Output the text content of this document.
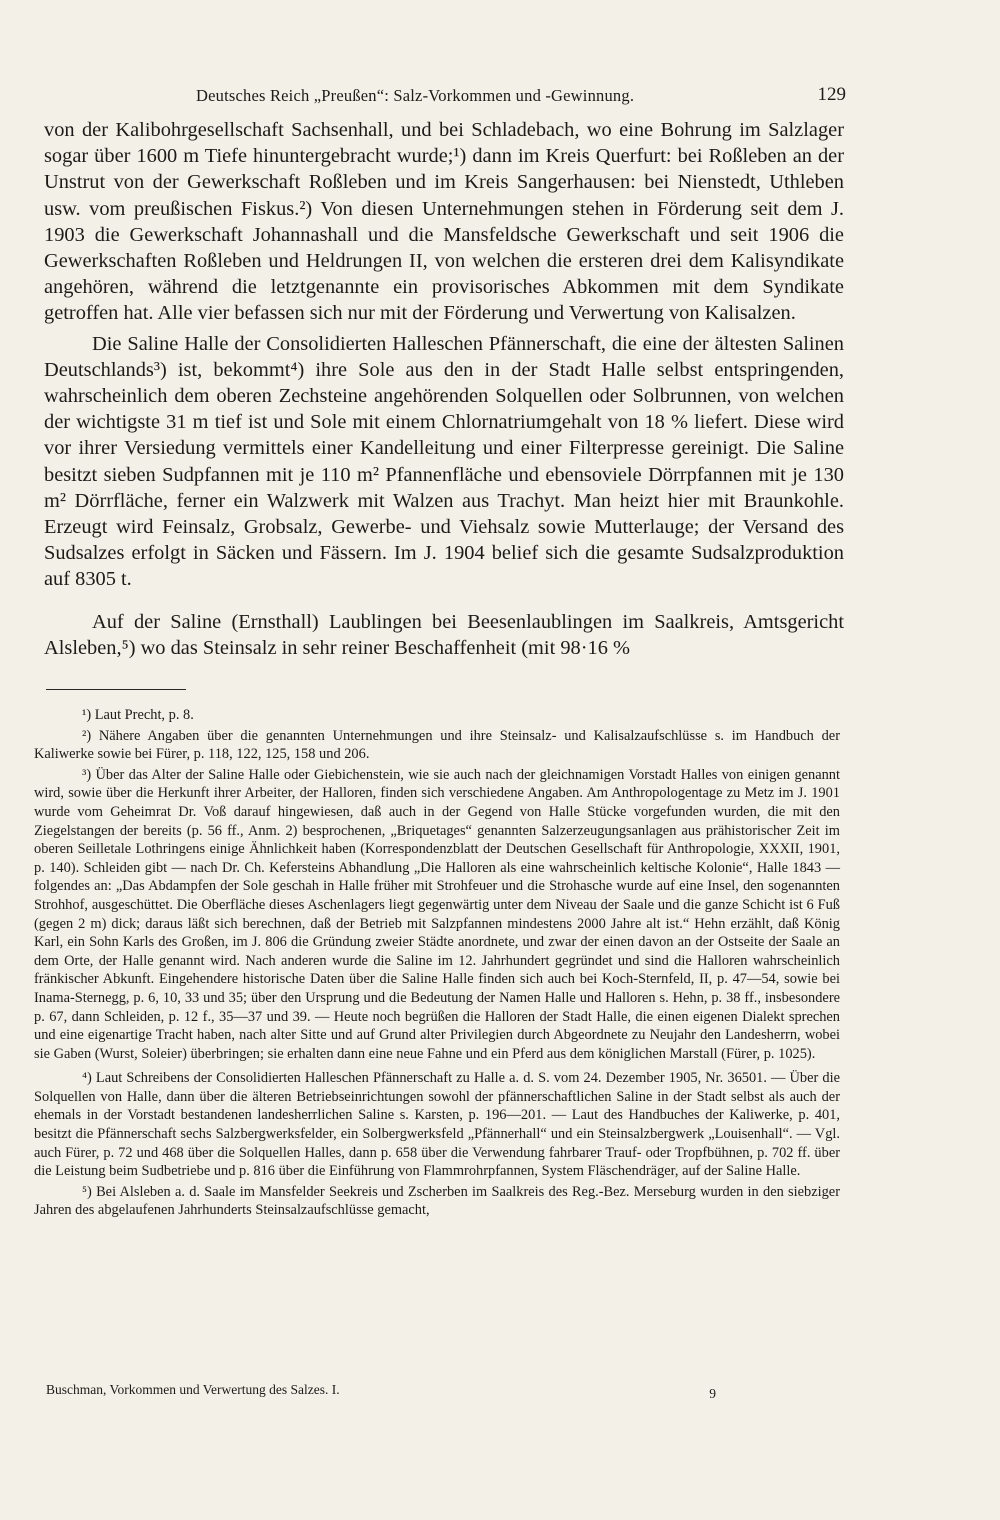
Deutsches Reich „Preußen“: Salz-Vorkommen und -Gewinnung.	129

von der Kalibohrgesellschaft Sachsenhall, und bei Schladebach, wo eine Bohrung im Salzlager sogar über 1600 m Tiefe hinuntergebracht wurde;¹) dann im Kreis Querfurt: bei Roßleben an der Unstrut von der Gewerkschaft Roßleben und im Kreis Sangerhausen: bei Nienstedt, Uthleben usw. vom preußischen Fiskus.²) Von diesen Unternehmungen stehen in Förderung seit dem J. 1903 die Gewerkschaft Johannashall und die Mansfeldsche Gewerkschaft und seit 1906 die Gewerkschaften Roßleben und Heldrungen II, von welchen die ersteren drei dem Kalisyndikate angehören, während die letztgenannte ein provisorisches Abkommen mit dem Syndikate getroffen hat. Alle vier befassen sich nur mit der Förderung und Verwertung von Kalisalzen.

Die Saline Halle der Consolidierten Halleschen Pfännerschaft, die eine der ältesten Salinen Deutschlands³) ist, bekommt⁴) ihre Sole aus den in der Stadt Halle selbst entspringenden, wahrscheinlich dem oberen Zechsteine angehörenden Solquellen oder Solbrunnen, von welchen der wichtigste 31 m tief ist und Sole mit einem Chlornatriumgehalt von 18 % liefert. Diese wird vor ihrer Versiedung vermittels einer Kandelleitung und einer Filterpresse gereinigt. Die Saline besitzt sieben Sudpfannen mit je 110 m² Pfannenfläche und ebensoviele Dörrpfannen mit je 130 m² Dörrfläche, ferner ein Walzwerk mit Walzen aus Trachyt. Man heizt hier mit Braunkohle. Erzeugt wird Feinsalz, Grobsalz, Gewerbe- und Viehsalz sowie Mutterlauge; der Versand des Sudsalzes erfolgt in Säcken und Fässern. Im J. 1904 belief sich die gesamte Sudsalzproduktion auf 8305 t.

Auf der Saline (Ernsthall) Laublingen bei Beesenlaublingen im Saalkreis, Amtsgericht Alsleben,⁵) wo das Steinsalz in sehr reiner Beschaffenheit (mit 98·16 %

¹) Laut Precht, p. 8.

²) Nähere Angaben über die genannten Unternehmungen und ihre Steinsalz- und Kalisalzaufschlüsse s. im Handbuch der Kaliwerke sowie bei Fürer, p. 118, 122, 125, 158 und 206.

³) Über das Alter der Saline Halle oder Giebichenstein, wie sie auch nach der gleichnamigen Vorstadt Halles von einigen genannt wird, sowie über die Herkunft ihrer Arbeiter, der Halloren, finden sich verschiedene Angaben. Am Anthropologentage zu Metz im J. 1901 wurde vom Geheimrat Dr. Voß darauf hingewiesen, daß auch in der Gegend von Halle Stücke vorgefunden wurden, die mit den Ziegelstangen der bereits (p. 56 ff., Anm. 2) besprochenen, „Briquetages“ genannten Salzerzeugungsanlagen aus prähistorischer Zeit im oberen Seilletale Lothringens einige Ähnlichkeit haben (Korrespondenzblatt der Deutschen Gesellschaft für Anthropologie, XXXII, 1901, p. 140). Schleiden gibt — nach Dr. Ch. Kefersteins Abhandlung „Die Halloren als eine wahrscheinlich keltische Kolonie“, Halle 1843 — folgendes an: „Das Abdampfen der Sole geschah in Halle früher mit Strohfeuer und die Strohasche wurde auf eine Insel, den sogenannten Strohhof, ausgeschüttet. Die Oberfläche dieses Aschenlagers liegt gegenwärtig unter dem Niveau der Saale und die ganze Schicht ist 6 Fuß (gegen 2 m) dick; daraus läßt sich berechnen, daß der Betrieb mit Salzpfannen mindestens 2000 Jahre alt ist.“ Hehn erzählt, daß König Karl, ein Sohn Karls des Großen, im J. 806 die Gründung zweier Städte anordnete, und zwar der einen davon an der Ostseite der Saale an dem Orte, der Halle genannt wird. Nach anderen wurde die Saline im 12. Jahrhundert gegründet und sind die Halloren wahrscheinlich fränkischer Abkunft. Eingehendere historische Daten über die Saline Halle finden sich auch bei Koch-Sternfeld, II, p. 47—54, sowie bei Inama-Sternegg, p. 6, 10, 33 und 35; über den Ursprung und die Bedeutung der Namen Halle und Halloren s. Hehn, p. 38 ff., insbesondere p. 67, dann Schleiden, p. 12 f., 35—37 und 39. — Heute noch begrüßen die Halloren der Stadt Halle, die einen eigenen Dialekt sprechen und eine eigenartige Tracht haben, nach alter Sitte und auf Grund alter Privilegien durch Abgeordnete zu Neujahr den Landesherrn, wobei sie Gaben (Wurst, Soleier) überbringen; sie erhalten dann eine neue Fahne und ein Pferd aus dem königlichen Marstall (Fürer, p. 1025).

⁴) Laut Schreibens der Consolidierten Halleschen Pfännerschaft zu Halle a. d. S. vom 24. Dezember 1905, Nr. 36501. — Über die Solquellen von Halle, dann über die älteren Betriebseinrichtungen sowohl der pfännerschaftlichen Saline in der Stadt selbst als auch der ehemals in der Vorstadt bestandenen landesherrlichen Saline s. Karsten, p. 196—201. — Laut des Handbuches der Kaliwerke, p. 401, besitzt die Pfännerschaft sechs Salzbergwerksfelder, ein Solbergwerksfeld „Pfännerhall“ und ein Steinsalzbergwerk „Louisenhall“. — Vgl. auch Fürer, p. 72 und 468 über die Solquellen Halles, dann p. 658 über die Verwendung fahrbarer Trauf- oder Tropfbühnen, p. 702 ff. über die Leistung beim Sudbetriebe und p. 816 über die Einführung von Flammrohrpfannen, System Fläschendräger, auf der Saline Halle.

⁵) Bei Alsleben a. d. Saale im Mansfelder Seekreis und Zscherben im Saalkreis des Reg.-Bez. Merseburg wurden in den siebziger Jahren des abgelaufenen Jahrhunderts Steinsalzaufschlüsse gemacht,

Buschman, Vorkommen und Verwertung des Salzes. I.	9
